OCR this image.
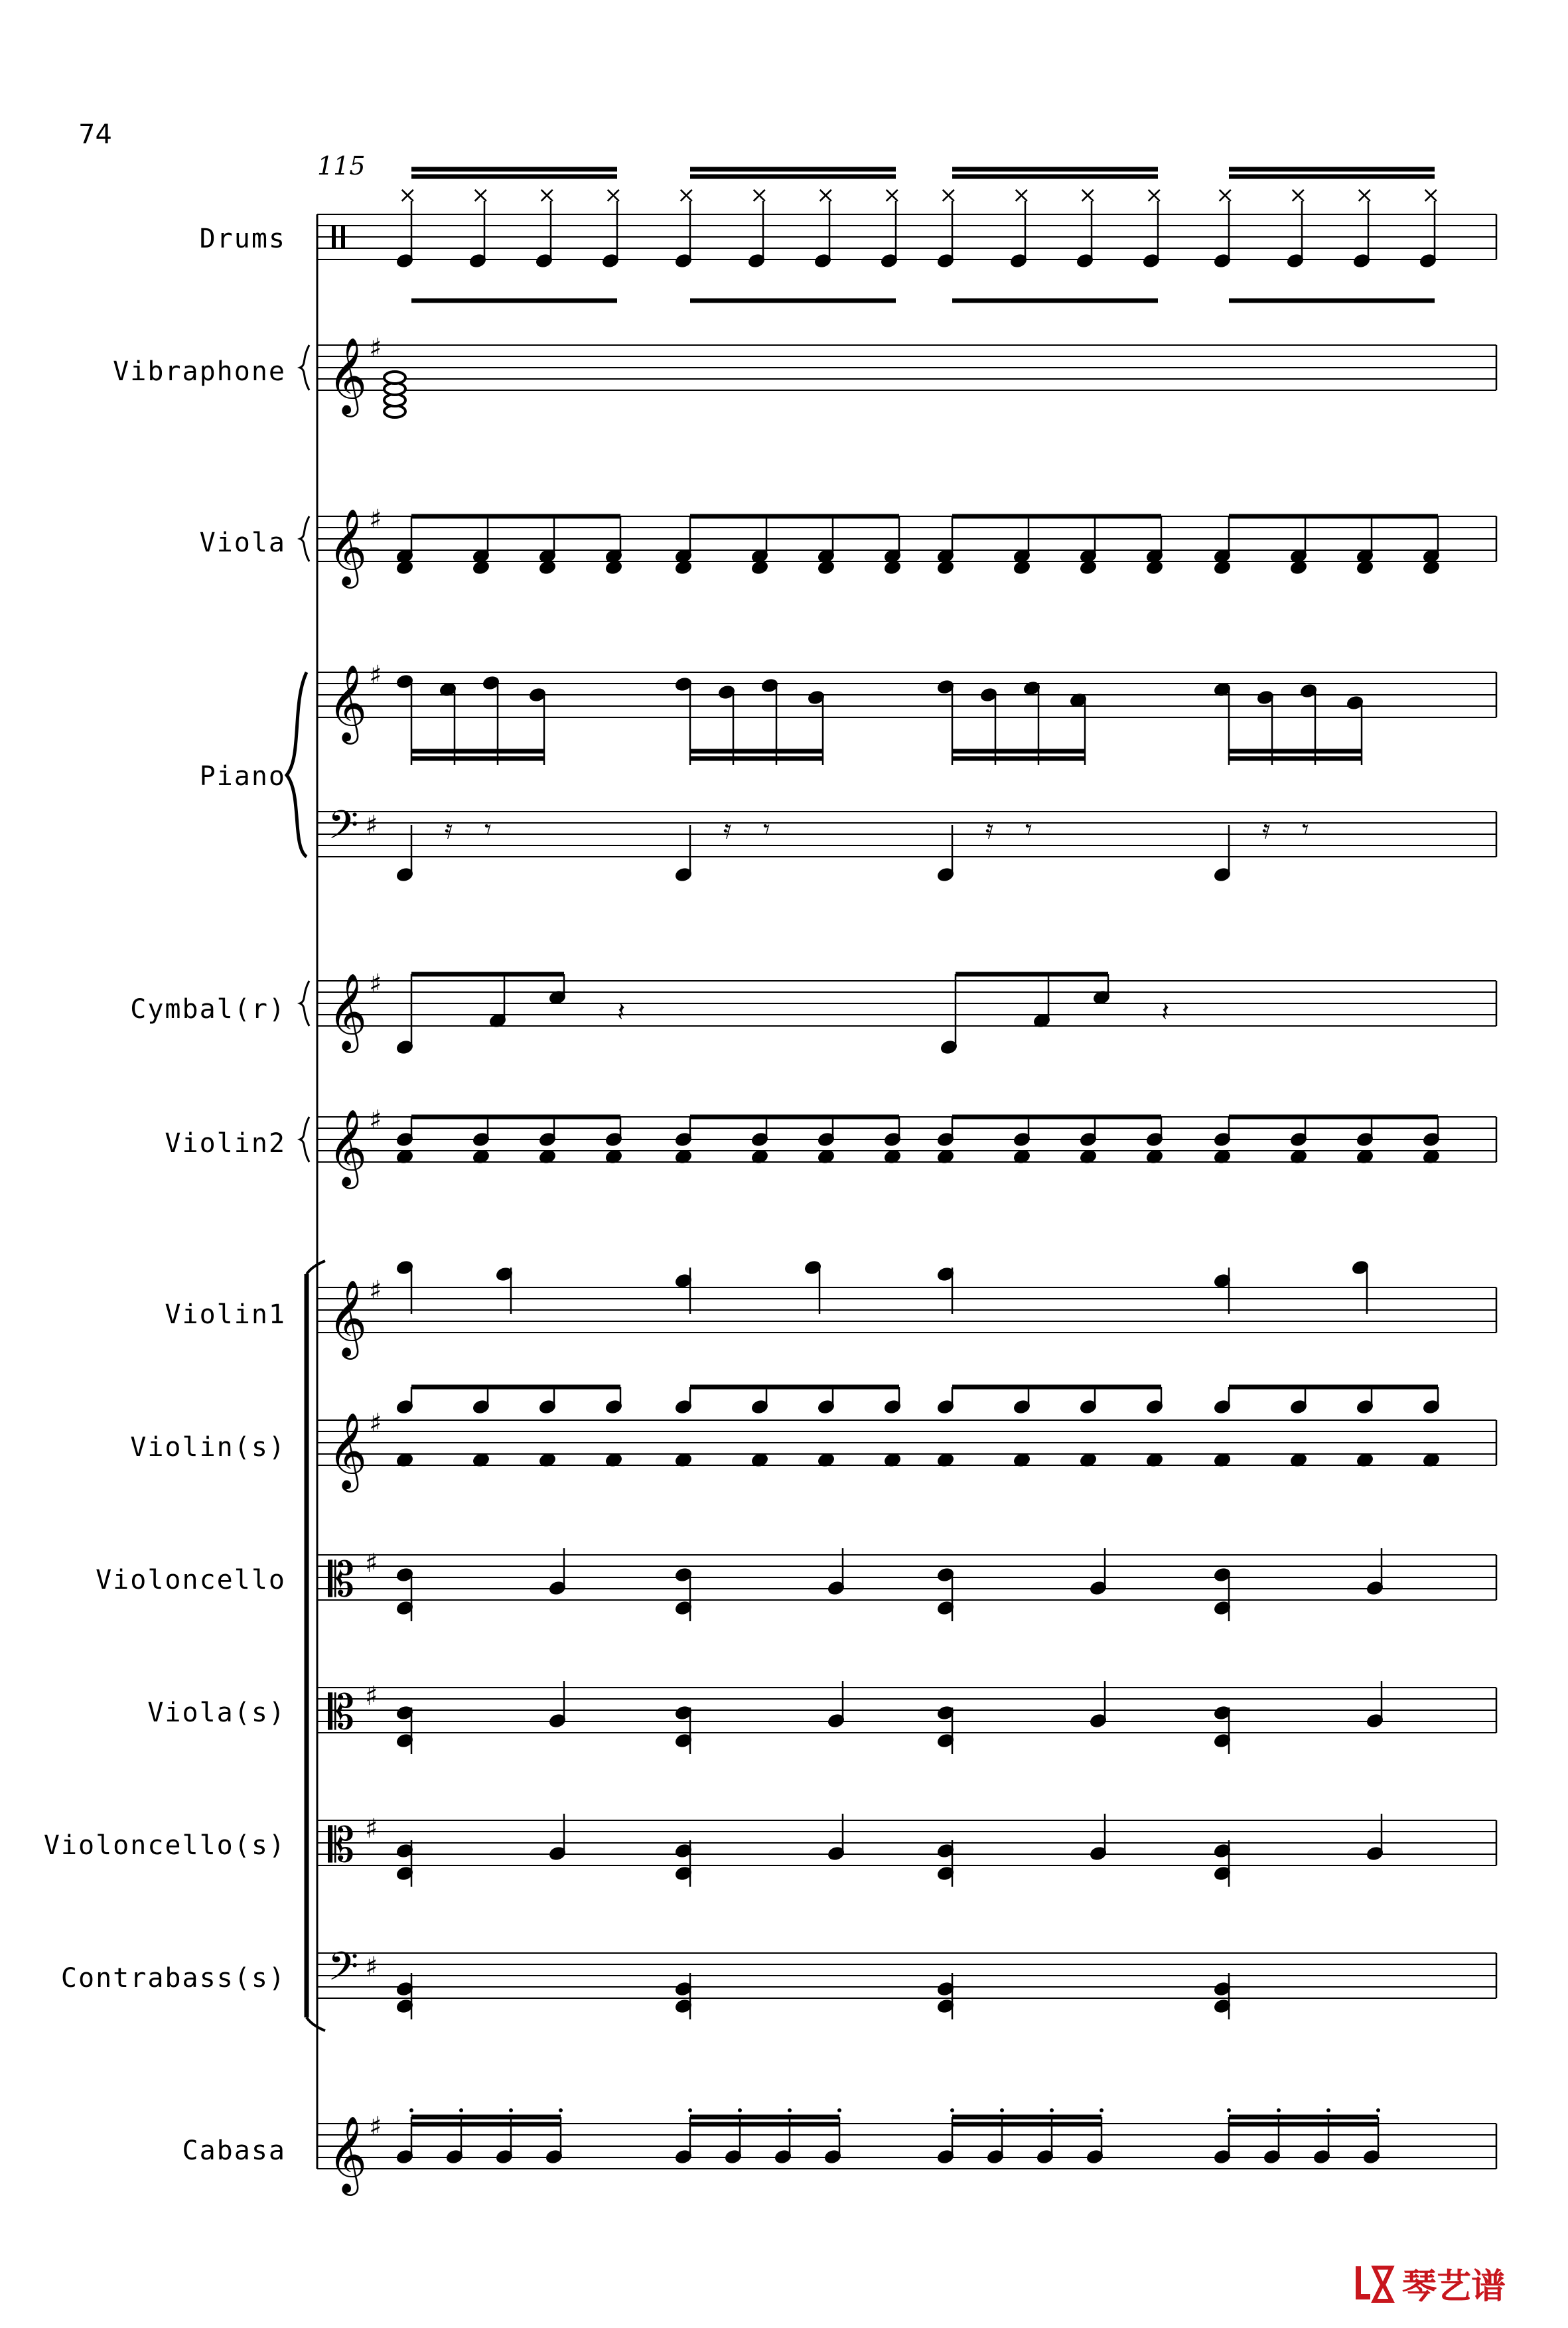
74
115
Drums
Vibraphone
Viola
Piano
Cymbal(r)
Violin2
Violin1
Violin(s)
Violoncello
Viola(s)
Violoncello(s)
Contrabass(s)
Cabasa
𝄞 ♯
𝄞 ♯
𝄞 ♯
𝄢 ♯
𝄞 ♯
𝄞 ♯
𝄞 ♯
𝄞 ♯
𝄡 ♯
𝄡 ♯
𝄡 ♯
𝄢 ♯
𝄞 ♯
× × × × × × × × × × × × × × × ×
𝄿 𝄾	𝄿 𝄾	𝄿 𝄾	𝄿 𝄾
𝄽	𝄽
琴艺谱
